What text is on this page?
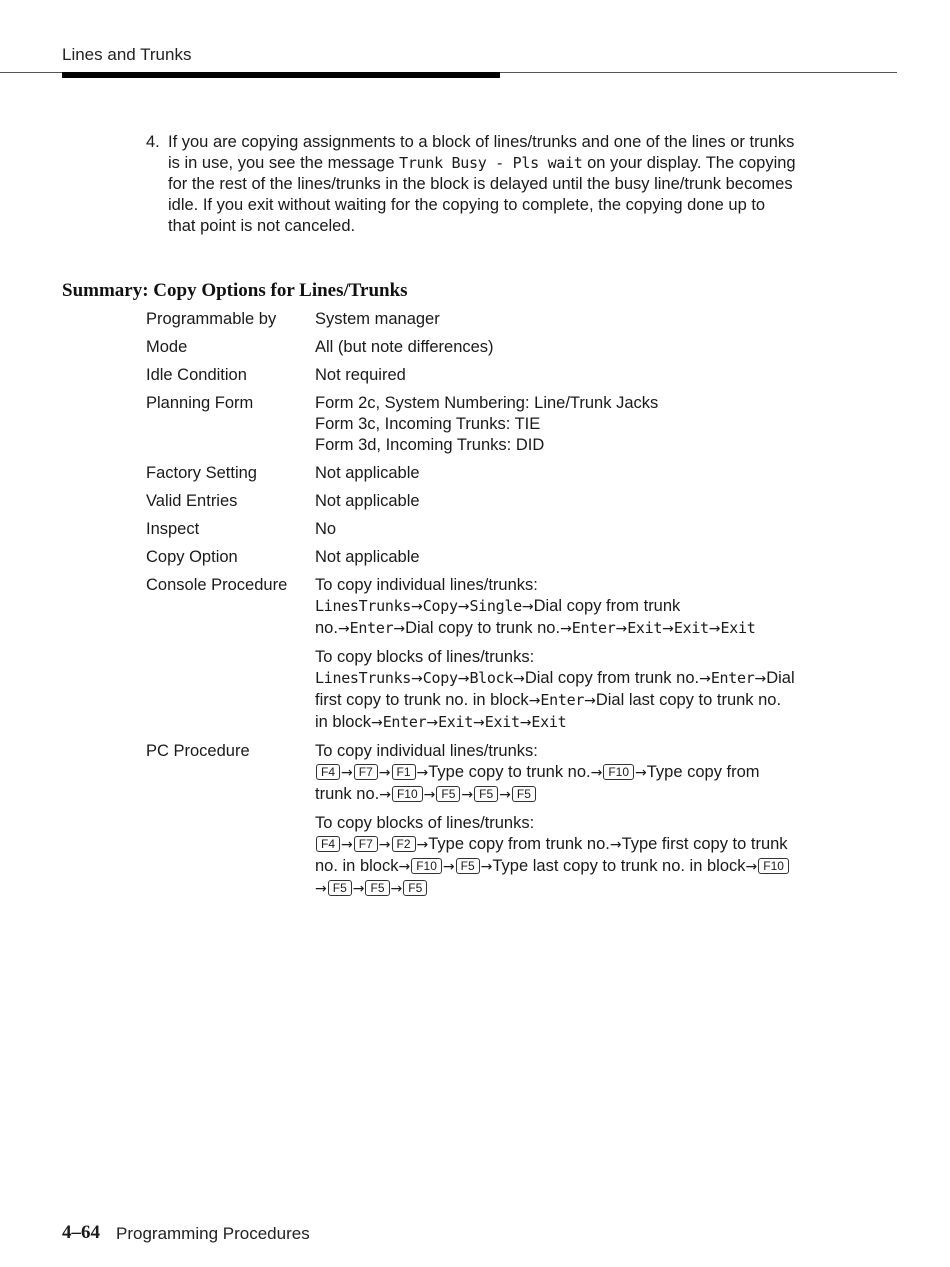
Lines and Trunks
4. If you are copying assignments to a block of lines/trunks and one of the lines or trunks is in use, you see the message Trunk Busy - Pls wait on your display. The copying for the rest of the lines/trunks in the block is delayed until the busy line/trunk becomes idle. If you exit without waiting for the copying to complete, the copying done up to that point is not canceled.
Summary: Copy Options for Lines/Trunks
Programmable by	System manager
Mode	All (but note differences)
Idle Condition	Not required
Planning Form	Form 2c, System Numbering: Line/Trunk Jacks
Form 3c, Incoming Trunks: TIE
Form 3d, Incoming Trunks: DID
Factory Setting	Not applicable
Valid Entries	Not applicable
Inspect	No
Copy Option	Not applicable
Console Procedure	To copy individual lines/trunks:
LinesTrunks→Copy→Single→Dial copy from trunk no.→Enter→Dial copy to trunk no.→Enter→Exit→Exit→Exit
To copy blocks of lines/trunks:
LinesTrunks→Copy→Block→Dial copy from trunk no.→Enter→Dial first copy to trunk no. in block→Enter→Dial last copy to trunk no. in block→Enter→Exit→Exit→Exit
PC Procedure	To copy individual lines/trunks:
F4 → F7 → F1 →Type copy to trunk no.→ F10 →Type copy from trunk no.→ F10 → F5 → F5 → F5
To copy blocks of lines/trunks:
F4 → F7 → F2 →Type copy from trunk no.→Type first copy to trunk no. in block→ F10 → F5 →Type last copy to trunk no. in block→ F10→ F5 → F5 → F5
4–64 Programming Procedures
